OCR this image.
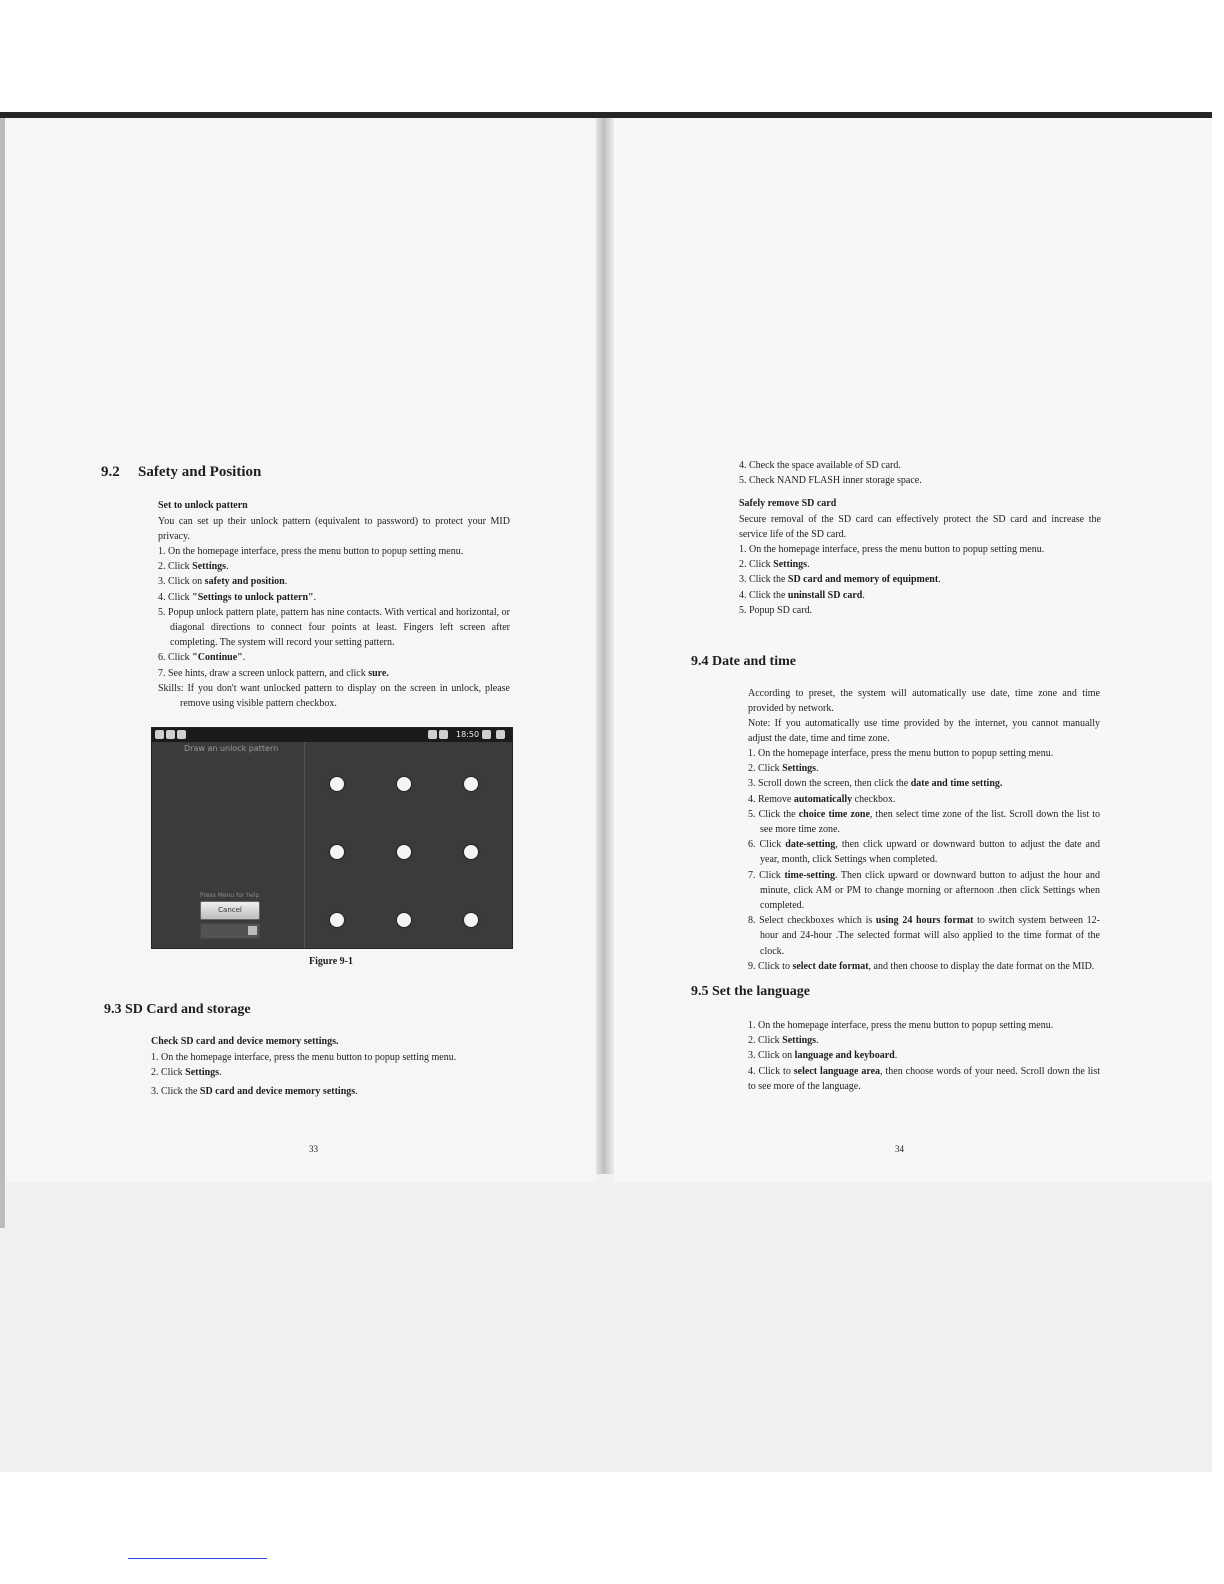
9.2 Safety and Position
Set to unlock pattern

You can set up their unlock pattern (equivalent to password) to protect your MID privacy.

1. On the homepage interface, press the menu button to popup setting menu.

2. Click Settings.

3. Click on safety and position.

4. Click "Settings to unlock pattern".

5. Popup unlock pattern plate, pattern has nine contacts. With vertical and horizontal, or diagonal directions to connect four points at least. Fingers left screen after completing. The system will record your setting pattern.

6. Click "Continue".

7. See hints, draw a screen unlock pattern, and click sure.

Skills: If you don't want unlocked pattern to display on the screen in unlock, please remove using visible pattern checkbox.

18:50
Draw an unlock pattern
Press Menu for help
Cancel
Figure 9-1
9.3 SD Card and storage
Check SD card and device memory settings.

1. On the homepage interface, press the menu button to popup setting menu.

2. Click Settings.

3. Click the SD card and device memory settings.

33

4. Check the space available of SD card.

5. Check NAND FLASH inner storage space.

Safely remove SD card

Secure removal of the SD card can effectively protect the SD card and increase the service life of the SD card.

1. On the homepage interface, press the menu button to popup setting menu.

2. Click Settings.

3. Click the SD card and memory of equipment.

4. Click the uninstall SD card.

5. Popup SD card.

9.4 Date and time

According to preset, the system will automatically use date, time zone and time provided by network.

Note: If you automatically use time provided by the internet, you cannot manually adjust the date, time and time zone.

1. On the homepage interface, press the menu button to popup setting menu.

2. Click Settings.

3. Scroll down the screen, then click the date and time setting.

4. Remove automatically checkbox.

5. Click the choice time zone, then select time zone of the list. Scroll down the list to see more time zone.

6. Click date-setting, then click upward or downward button to adjust the date and year, month, click Settings when completed.

7. Click time-setting. Then click upward or downward button to adjust the hour and minute, click AM or PM to change morning or afternoon .then click Settings when completed.

8. Select checkboxes which is using 24 hours format to switch system between 12-hour and 24-hour .The selected format will also applied to the time format of the clock.

9. Click to select date format, and then choose to display the date format on the MID.

9.5 Set the language

1. On the homepage interface, press the menu button to popup setting menu.

2. Click Settings.

3. Click on language and keyboard.

4. Click to select language area, then choose words of your need. Scroll down the list to see more of the language.

34
